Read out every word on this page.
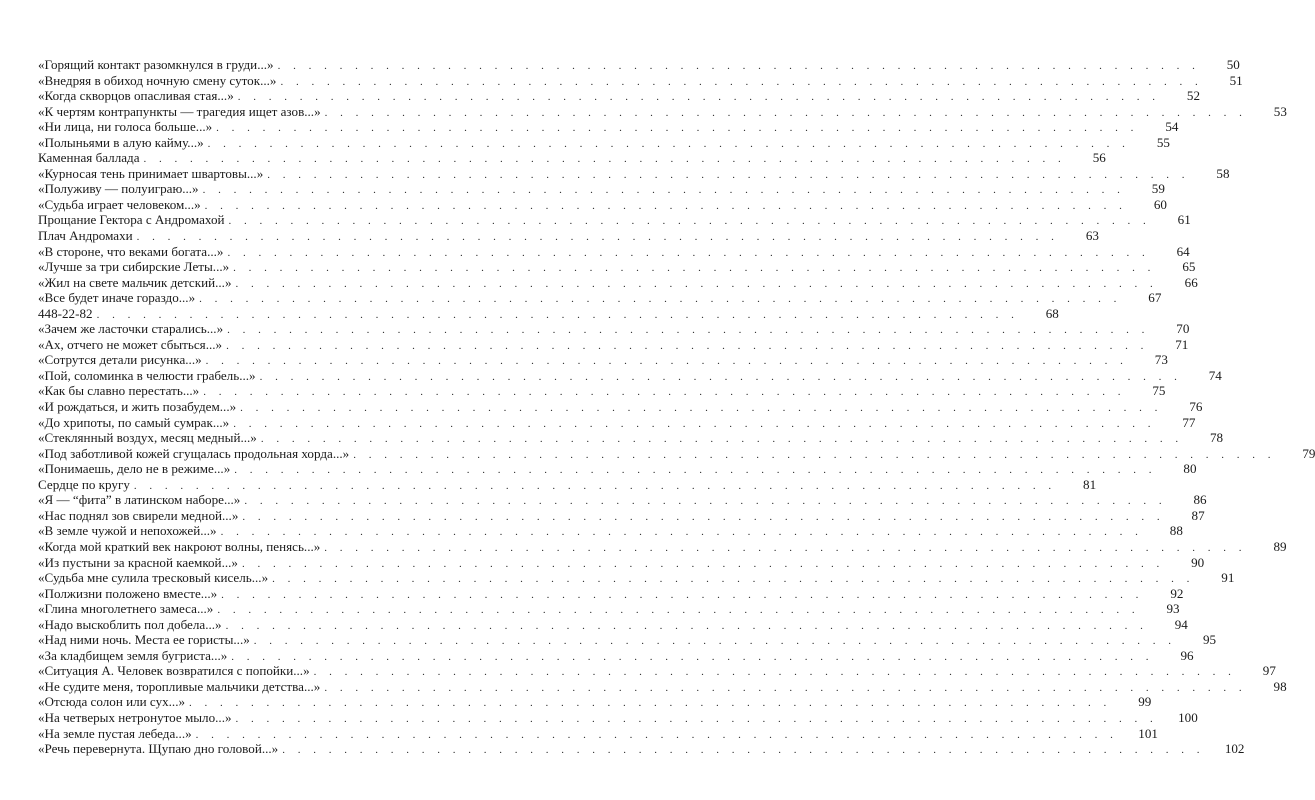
«Горящий контакт разомкнулся в груди...» . . . . . . . . . . . . . . . . . . . . . . . . . . . . . . . . . . . . . . . . . . . . . . . . . . . . . . . . . . . .	50
«Внедряя в обиход ночную смену суток...» . . . . . . . . . . . . . . . . . . . . . . . . . . . . . . . . . . . . . . . . . . . . . . . . . . . . . . . . . . . .	51
«Когда скворцов опасливая стая...» . . . . . . . . . . . . . . . . . . . . . . . . . . . . . . . . . . . . . . . . . . . . . . . . . . . . . . . . . . . .	52
«К чертям контрапункты — трагедия ищет азов...» . . . . . . . . . . . . . . . . . . . . . . . . . . . . . . . . . . . . . . . . . . . . . . . . . . . . . . . . . . . .	53
«Ни лица, ни голоса больше...» . . . . . . . . . . . . . . . . . . . . . . . . . . . . . . . . . . . . . . . . . . . . . . . . . . . . . . . . . . . .	54
«Полыньями в алую кайму...» . . . . . . . . . . . . . . . . . . . . . . . . . . . . . . . . . . . . . . . . . . . . . . . . . . . . . . . . . . . .	55
Каменная баллада . . . . . . . . . . . . . . . . . . . . . . . . . . . . . . . . . . . . . . . . . . . . . . . . . . . . . . . . . . . .	56
«Курносая тень принимает швартовы...» . . . . . . . . . . . . . . . . . . . . . . . . . . . . . . . . . . . . . . . . . . . . . . . . . . . . . . . . . . . .	58
«Полуживу — полуиграю...» . . . . . . . . . . . . . . . . . . . . . . . . . . . . . . . . . . . . . . . . . . . . . . . . . . . . . . . . . . . .	59
«Судьба играет человеком...» . . . . . . . . . . . . . . . . . . . . . . . . . . . . . . . . . . . . . . . . . . . . . . . . . . . . . . . . . . . .	60
Прощание Гектора с Андромахой . . . . . . . . . . . . . . . . . . . . . . . . . . . . . . . . . . . . . . . . . . . . . . . . . . . . . . . . . . . .	61
Плач Андромахи . . . . . . . . . . . . . . . . . . . . . . . . . . . . . . . . . . . . . . . . . . . . . . . . . . . . . . . . . . . .	63
«В стороне, что веками богата...» . . . . . . . . . . . . . . . . . . . . . . . . . . . . . . . . . . . . . . . . . . . . . . . . . . . . . . . . . . . .	64
«Лучше за три сибирские Леты...» . . . . . . . . . . . . . . . . . . . . . . . . . . . . . . . . . . . . . . . . . . . . . . . . . . . . . . . . . . . .	65
«Жил на свете мальчик детский...» . . . . . . . . . . . . . . . . . . . . . . . . . . . . . . . . . . . . . . . . . . . . . . . . . . . . . . . . . . . .	66
«Все будет иначе гораздо...» . . . . . . . . . . . . . . . . . . . . . . . . . . . . . . . . . . . . . . . . . . . . . . . . . . . . . . . . . . . .	67
448-22-82 . . . . . . . . . . . . . . . . . . . . . . . . . . . . . . . . . . . . . . . . . . . . . . . . . . . . . . . . . . . .	68
«Зачем же ласточки старались...» . . . . . . . . . . . . . . . . . . . . . . . . . . . . . . . . . . . . . . . . . . . . . . . . . . . . . . . . . . . .	70
«Ах, отчего не может сбыться...» . . . . . . . . . . . . . . . . . . . . . . . . . . . . . . . . . . . . . . . . . . . . . . . . . . . . . . . . . . . .	71
«Сотрутся детали рисунка...» . . . . . . . . . . . . . . . . . . . . . . . . . . . . . . . . . . . . . . . . . . . . . . . . . . . . . . . . . . . .	73
«Пой, соломинка в челюсти грабель...» . . . . . . . . . . . . . . . . . . . . . . . . . . . . . . . . . . . . . . . . . . . . . . . . . . . . . . . . . . . .	74
«Как бы славно перестать...» . . . . . . . . . . . . . . . . . . . . . . . . . . . . . . . . . . . . . . . . . . . . . . . . . . . . . . . . . . . .	75
«И рождаться, и жить позабудем...» . . . . . . . . . . . . . . . . . . . . . . . . . . . . . . . . . . . . . . . . . . . . . . . . . . . . . . . . . . . .	76
«До хрипоты, по самый сумрак...» . . . . . . . . . . . . . . . . . . . . . . . . . . . . . . . . . . . . . . . . . . . . . . . . . . . . . . . . . . . .	77
«Стеклянный воздух, месяц медный...» . . . . . . . . . . . . . . . . . . . . . . . . . . . . . . . . . . . . . . . . . . . . . . . . . . . . . . . . . . . .	78
«Под заботливой кожей сгущалась продольная хорда...» . . . . . . . . . . . . . . . . . . . . . . . . . . . . . . . . . . . . . . . . . . . . . . . . . . . . . . . . . . . .	79
«Понимаешь, дело не в режиме...» . . . . . . . . . . . . . . . . . . . . . . . . . . . . . . . . . . . . . . . . . . . . . . . . . . . . . . . . . . . .	80
Сердце по кругу . . . . . . . . . . . . . . . . . . . . . . . . . . . . . . . . . . . . . . . . . . . . . . . . . . . . . . . . . . . .	81
«Я — “фита” в латинском наборе...» . . . . . . . . . . . . . . . . . . . . . . . . . . . . . . . . . . . . . . . . . . . . . . . . . . . . . . . . . . . .	86
«Нас поднял зов свирели медной...» . . . . . . . . . . . . . . . . . . . . . . . . . . . . . . . . . . . . . . . . . . . . . . . . . . . . . . . . . . . .	87
«В земле чужой и непохожей...» . . . . . . . . . . . . . . . . . . . . . . . . . . . . . . . . . . . . . . . . . . . . . . . . . . . . . . . . . . . .	88
«Когда мой краткий век накроют волны, пенясь...» . . . . . . . . . . . . . . . . . . . . . . . . . . . . . . . . . . . . . . . . . . . . . . . . . . . . . . . . . . . .	89
«Из пустыни за красной каемкой...» . . . . . . . . . . . . . . . . . . . . . . . . . . . . . . . . . . . . . . . . . . . . . . . . . . . . . . . . . . . .	90
«Судьба мне сулила тресковый кисель...» . . . . . . . . . . . . . . . . . . . . . . . . . . . . . . . . . . . . . . . . . . . . . . . . . . . . . . . . . . . .	91
«Полжизни положено вместе...» . . . . . . . . . . . . . . . . . . . . . . . . . . . . . . . . . . . . . . . . . . . . . . . . . . . . . . . . . . . .	92
«Глина многолетнего замеса...» . . . . . . . . . . . . . . . . . . . . . . . . . . . . . . . . . . . . . . . . . . . . . . . . . . . . . . . . . . . .	93
«Надо выскоблить пол добела...» . . . . . . . . . . . . . . . . . . . . . . . . . . . . . . . . . . . . . . . . . . . . . . . . . . . . . . . . . . . .	94
«Над ними ночь. Места ее гористы...» . . . . . . . . . . . . . . . . . . . . . . . . . . . . . . . . . . . . . . . . . . . . . . . . . . . . . . . . . . . .	95
«За кладбищем земля бугриста...» . . . . . . . . . . . . . . . . . . . . . . . . . . . . . . . . . . . . . . . . . . . . . . . . . . . . . . . . . . . .	96
«Ситуация А. Человек возвратился с попойки...» . . . . . . . . . . . . . . . . . . . . . . . . . . . . . . . . . . . . . . . . . . . . . . . . . . . . . . . . . . . .	97
«Не судите меня, торопливые мальчики детства...» . . . . . . . . . . . . . . . . . . . . . . . . . . . . . . . . . . . . . . . . . . . . . . . . . . . . . . . . . . . .	98
«Отсюда солон или сух...» . . . . . . . . . . . . . . . . . . . . . . . . . . . . . . . . . . . . . . . . . . . . . . . . . . . . . . . . . . . .	99
«На четверых нетронутое мыло...» . . . . . . . . . . . . . . . . . . . . . . . . . . . . . . . . . . . . . . . . . . . . . . . . . . . . . . . . . . . .	100
«На земле пустая лебеда...» . . . . . . . . . . . . . . . . . . . . . . . . . . . . . . . . . . . . . . . . . . . . . . . . . . . . . . . . . . . .	101
«Речь перевернута. Щупаю дно головой...» . . . . . . . . . . . . . . . . . . . . . . . . . . . . . . . . . . . . . . . . . . . . . . . . . . . . . . . . . . . .	102
